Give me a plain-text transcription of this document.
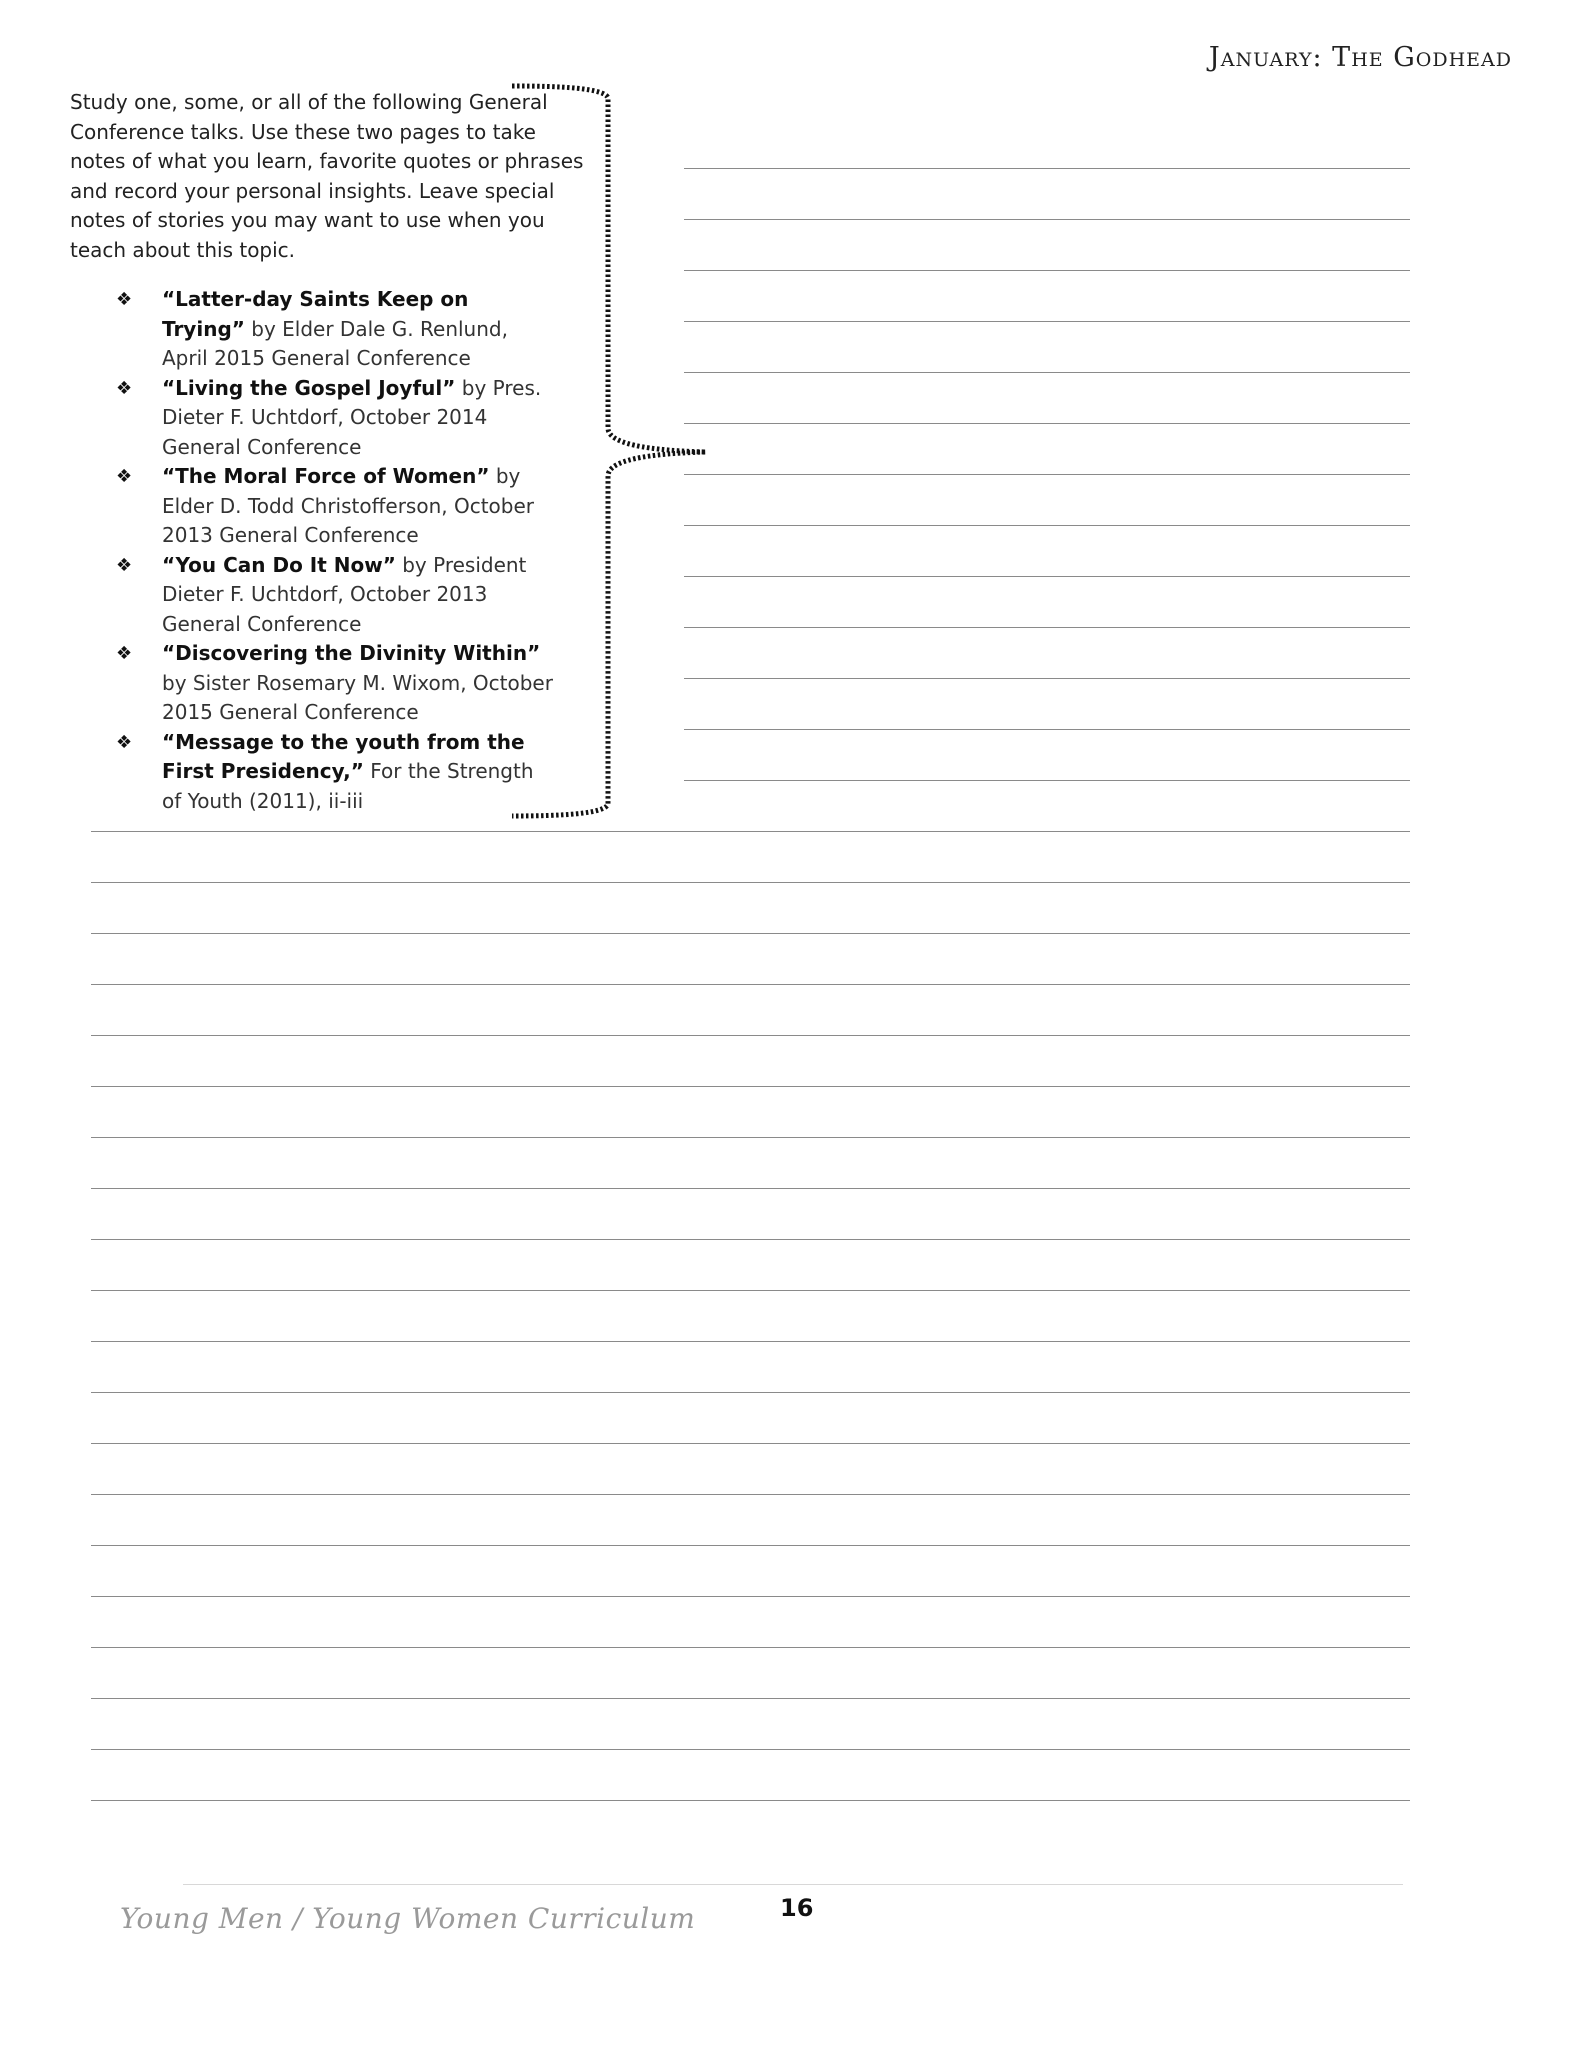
January: The Godhead

Study one, some, or all of the following General Conference talks. Use these two pages to take notes of what you learn, favorite quotes or phrases and record your personal insights. Leave special notes of stories you may want to use when you teach about this topic.

❖ “Latter-day Saints Keep on Trying” by Elder Dale G. Renlund, April 2015 General Conference
❖ “Living the Gospel Joyful” by Pres. Dieter F. Uchtdorf, October 2014 General Conference
❖ “The Moral Force of Women” by Elder D. Todd Christofferson, October 2013 General Conference
❖ “You Can Do It Now” by President Dieter F. Uchtdorf, October 2013 General Conference
❖ “Discovering the Divinity Within” by Sister Rosemary M. Wixom, October 2015 General Conference
❖ “Message to the youth from the First Presidency,” For the Strength of Youth (2011), ii-iii
Young Men / Young Women Curriculum	16
